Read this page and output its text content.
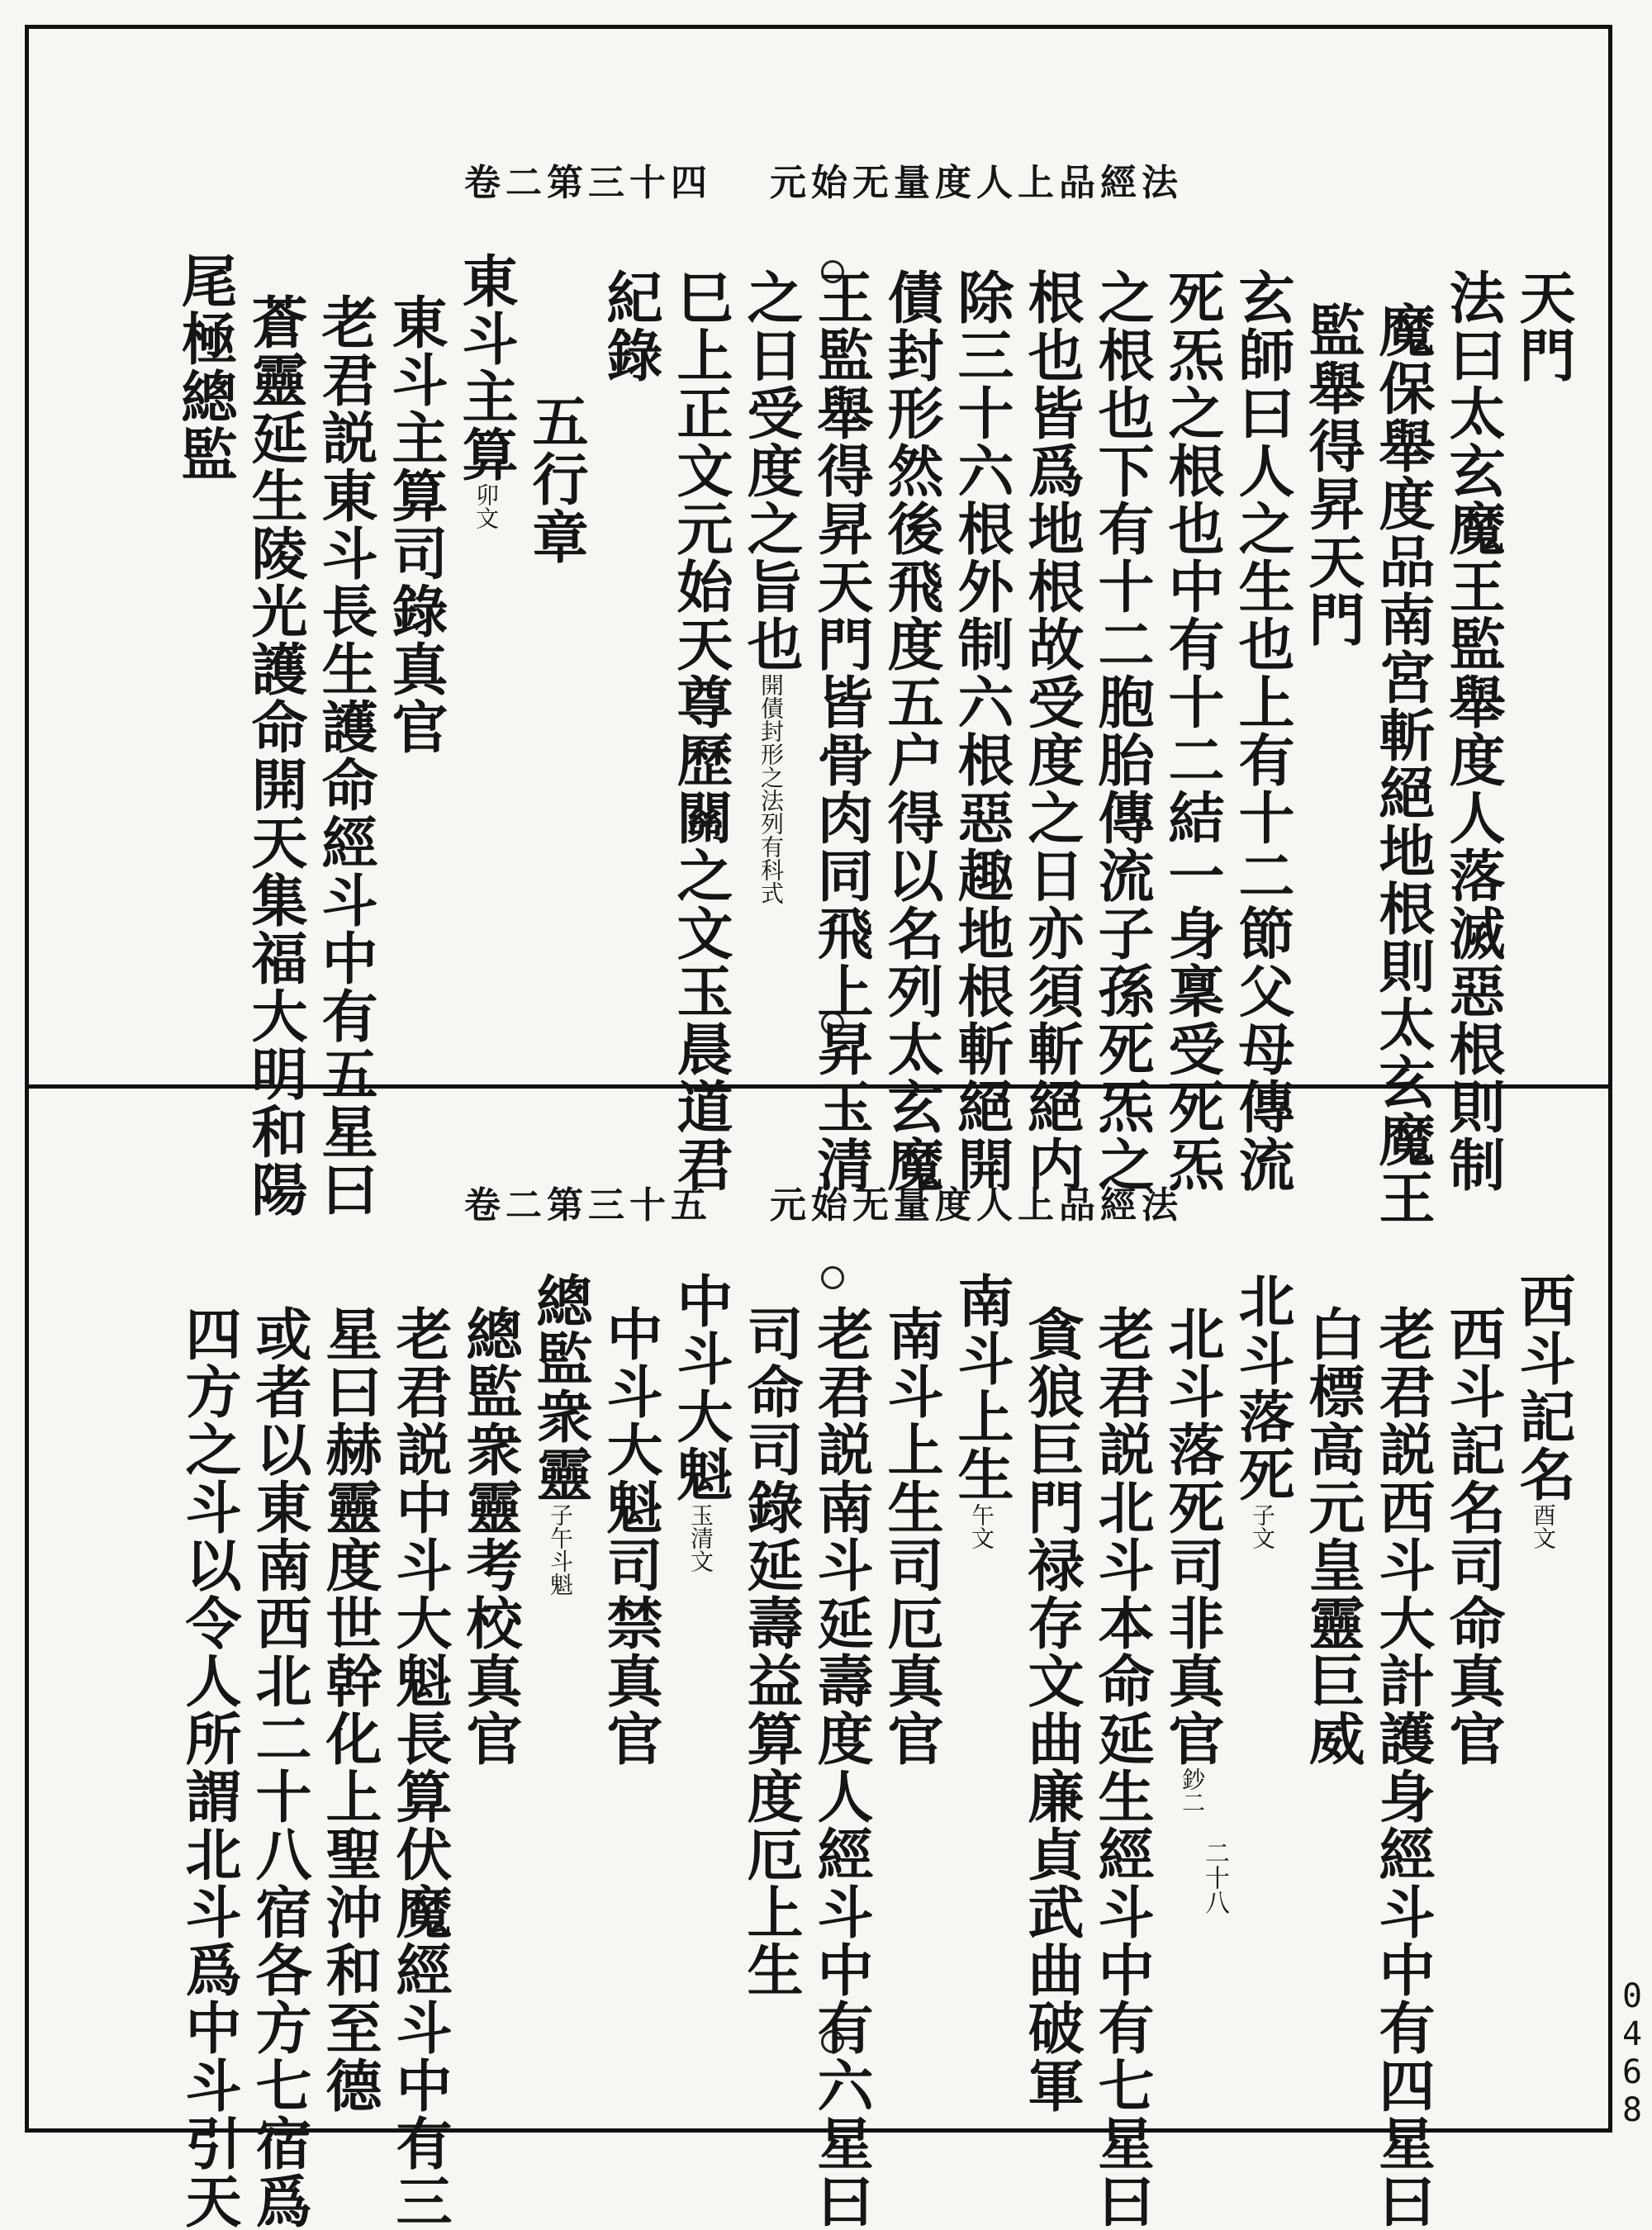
卷二第三十四 元始无量度人上品經法
天門
法曰太玄魔王監舉度人落滅惡根則制
魔保舉度品南宮斬絕地根則太玄魔王
監舉得昇天門
玄師曰人之生也上有十二節父母傳流
死炁之根也中有十二結一身稟受死炁
之根也下有十二胞胎傳流子孫死炁之
根也皆爲地根故受度之日亦須斬絕内
除三十六根外制六根惡趣地根斬絕開
債封形然後飛度五户得以名列太玄魔
王監舉得昇天門皆骨肉同飛上昇玉清
之日受度之旨也開債封形之法列有科式
巳上正文元始天尊歷關之文玉晨道君
紀錄
五行章
東斗主算卯文
東斗主算司錄真官
老君説東斗長生護命經斗中有五星曰
蒼靈延生陵光護命開天集福大明和陽
尾極總監
卷二第三十五 元始无量度人上品經法
西斗記名酉文
西斗記名司命真官
老君説西斗大計護身經斗中有四星曰
白標高元皇靈巨威
北斗落死子文
北斗落死司非真官鈔二
二十八
老君説北斗本命延生經斗中有七星曰
貪狼巨門禄存文曲廉貞武曲破軍
南斗上生午文
南斗上生司厄真官
老君説南斗延壽度人經斗中有六星曰
司命司錄延壽益算度厄上生
中斗大魁玉清文
中斗大魁司禁真官
總監衆靈子午斗魁
總監衆靈考校真官
老君説中斗大魁長算伏魔經斗中有三
星曰赫靈度世幹化上聖沖和至德
或者以東南西北二十八宿各方七宿爲
四方之斗以令人所謂北斗爲中斗引天	0468
